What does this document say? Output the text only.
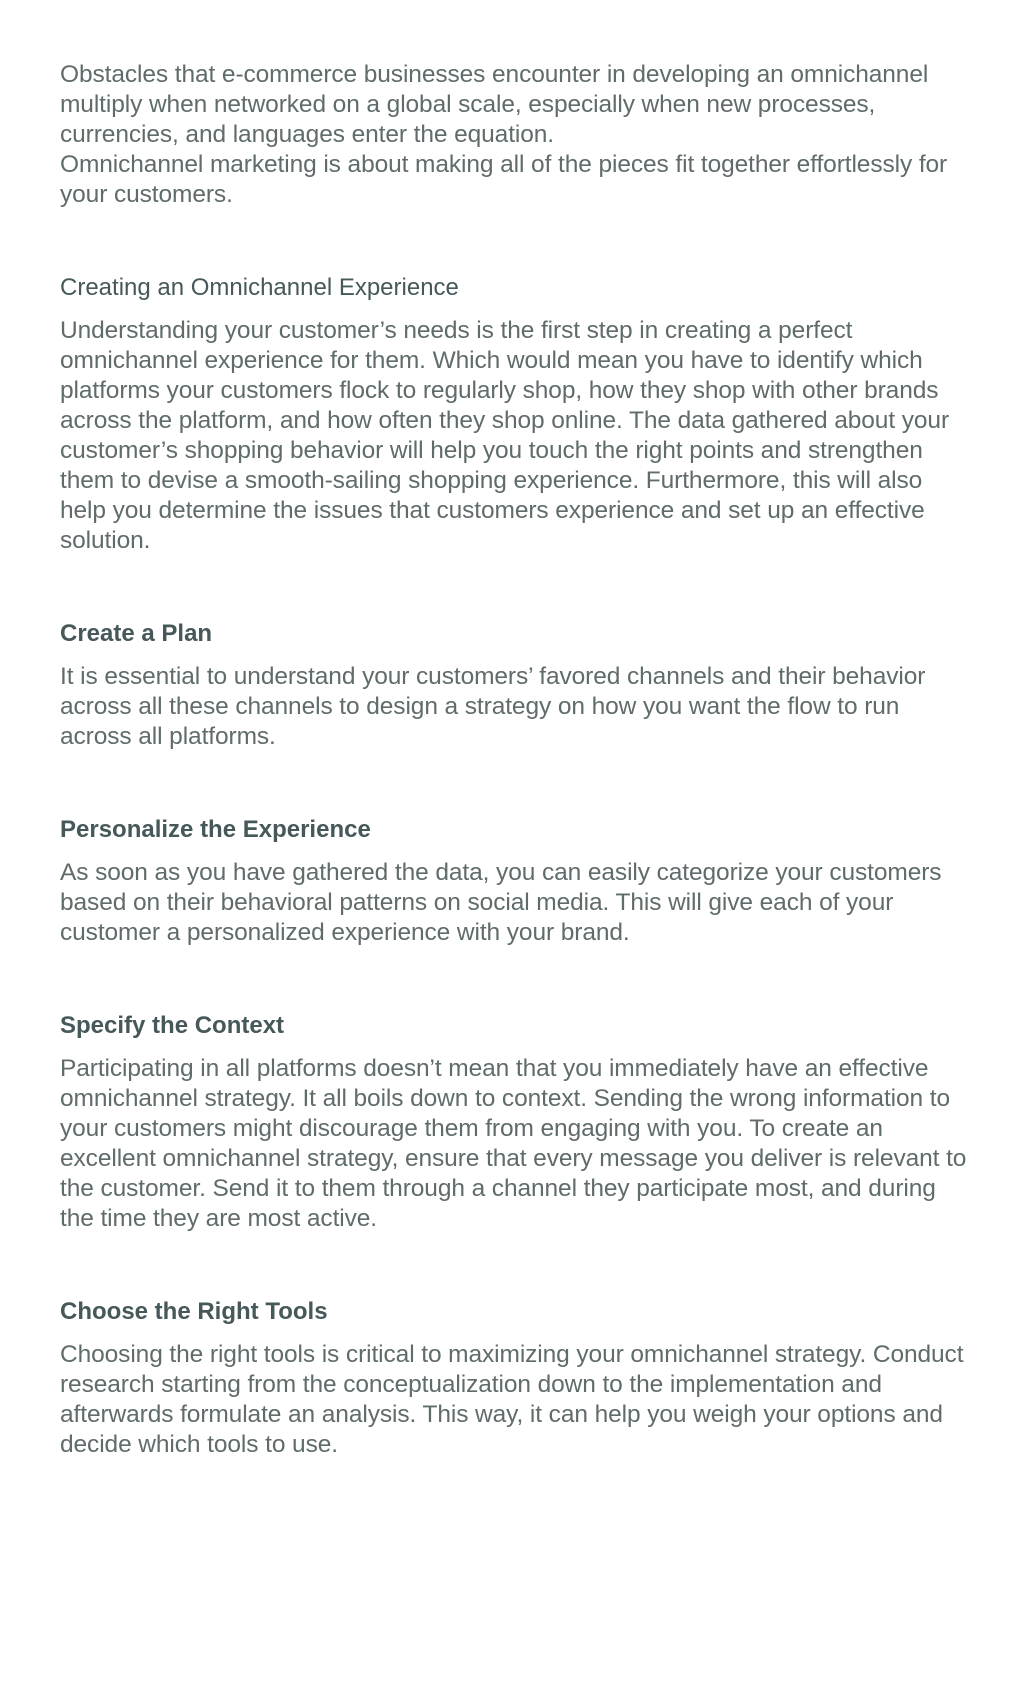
Obstacles that e-commerce businesses encounter in developing an omnichannel multiply when networked on a global scale, especially when new processes, currencies, and languages enter the equation.

Omnichannel marketing is about making all of the pieces fit together effortlessly for your customers.

Creating an Omnichannel Experience

Understanding your customer’s needs is the first step in creating a perfect omnichannel experience for them. Which would mean you have to identify which platforms your customers flock to regularly shop, how they shop with other brands across the platform, and how often they shop online. The data gathered about your customer’s shopping behavior will help you touch the right points and strengthen them to devise a smooth-sailing shopping experience. Furthermore, this will also help you determine the issues that customers experience and set up an effective solution.

Create a Plan

It is essential to understand your customers’ favored channels and their behavior across all these channels to design a strategy on how you want the flow to run across all platforms.

Personalize the Experience

As soon as you have gathered the data, you can easily categorize your customers based on their behavioral patterns on social media. This will give each of your customer a personalized experience with your brand.

Specify the Context

Participating in all platforms doesn’t mean that you immediately have an effective omnichannel strategy. It all boils down to context. Sending the wrong information to your customers might discourage them from engaging with you. To create an excellent omnichannel strategy, ensure that every message you deliver is relevant to the customer. Send it to them through a channel they participate most, and during the time they are most active.

Choose the Right Tools

Choosing the right tools is critical to maximizing your omnichannel strategy. Conduct research starting from the conceptualization down to the implementation and afterwards formulate an analysis. This way, it can help you weigh your options and decide which tools to use.
